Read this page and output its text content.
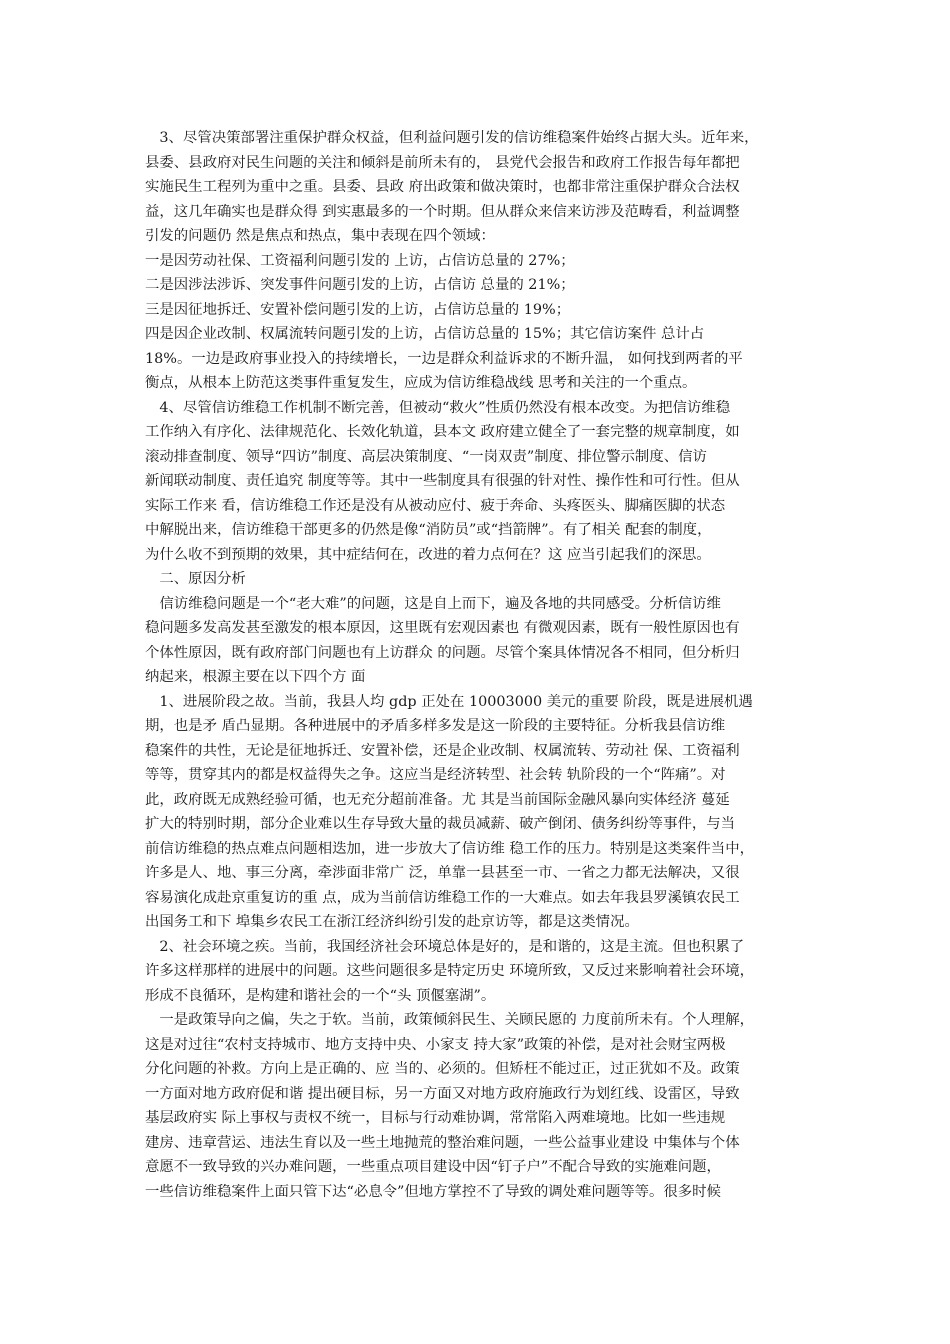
　3、尽管决策部署注重保护群众权益，但利益问题引发的信访维稳案件始终占据大头。近年来，
县委、县政府对民生问题的关注和倾斜是前所未有的， 县党代会报告和政府工作报告每年都把
实施民生工程列为重中之重。县委、县政 府出政策和做决策时，也都非常注重保护群众合法权
益，这几年确实也是群众得 到实惠最多的一个时期。但从群众来信来访涉及范畴看，利益调整
引发的问题仍 然是焦点和热点，集中表现在四个领域：
一是因劳动社保、工资福利问题引发的 上访，占信访总量的 27%；
二是因涉法涉诉、突发事件问题引发的上访，占信访 总量的 21%；
三是因征地拆迁、安置补偿问题引发的上访，占信访总量的 19%；
四是因企业改制、权属流转问题引发的上访，占信访总量的 15%；其它信访案件 总计占
18%。一边是政府事业投入的持续增长，一边是群众利益诉求的不断升温， 如何找到两者的平
衡点，从根本上防范这类事件重复发生，应成为信访维稳战线 思考和关注的一个重点。
　4、尽管信访维稳工作机制不断完善，但被动“救火”性质仍然没有根本改变。为把信访维稳
工作纳入有序化、法律规范化、长效化轨道，县本文 政府建立健全了一套完整的规章制度，如
滚动排查制度、领导“四访”制度、高层决策制度、“一岗双责”制度、排位警示制度、信访
新闻联动制度、责任追究 制度等等。其中一些制度具有很强的针对性、操作性和可行性。但从
实际工作来 看，信访维稳工作还是没有从被动应付、疲于奔命、头疼医头、脚痛医脚的状态
中解脱出来，信访维稳干部更多的仍然是像“消防员”或“挡箭牌”。有了相关 配套的制度，
为什么收不到预期的效果，其中症结何在，改进的着力点何在？这 应当引起我们的深思。
　二、原因分析
　信访维稳问题是一个“老大难”的问题，这是自上而下，遍及各地的共同感受。分析信访维
稳问题多发高发甚至激发的根本原因，这里既有宏观因素也 有微观因素，既有一般性原因也有
个体性原因，既有政府部门问题也有上访群众 的问题。尽管个案具体情况各不相同，但分析归
纳起来，根源主要在以下四个方 面
　1、进展阶段之故。当前，我县人均 gdp 正处在 10003000 美元的重要 阶段，既是进展机遇
期，也是矛 盾凸显期。各种进展中的矛盾多样多发是这一阶段的主要特征。分析我县信访维
稳案件的共性，无论是征地拆迁、安置补偿，还是企业改制、权属流转、劳动社 保、工资福利
等等，贯穿其内的都是权益得失之争。这应当是经济转型、社会转 轨阶段的一个“阵痛”。对
此，政府既无成熟经验可循，也无充分超前准备。尤 其是当前国际金融风暴向实体经济 蔓延
扩大的特别时期，部分企业难以生存导致大量的裁员减薪、破产倒闭、债务纠纷等事件，与当
前信访维稳的热点难点问题相迭加，进一步放大了信访维 稳工作的压力。特别是这类案件当中，
许多是人、地、事三分离，牵涉面非常广 泛，单靠一县甚至一市、一省之力都无法解决，又很
容易演化成赴京重复访的重 点，成为当前信访维稳工作的一大难点。如去年我县罗溪镇农民工
出国务工和下 埠集乡农民工在浙江经济纠纷引发的赴京访等，都是这类情况。
　2、社会环境之疾。当前，我国经济社会环境总体是好的，是和谐的，这是主流。但也积累了
许多这样那样的进展中的问题。这些问题很多是特定历史 环境所致，又反过来影响着社会环境，
形成不良循环，是构建和谐社会的一个“头 顶偃塞湖”。
　一是政策导向之偏，失之于软。当前，政策倾斜民生、关顾民愿的 力度前所未有。个人理解，
这是对过往“农村支持城市、地方支持中央、小家支 持大家”政策的补偿，是对社会财宝两极
分化问题的补救。方向上是正确的、应 当的、必须的。但矫枉不能过正，过正犹如不及。政策
一方面对地方政府促和谐 提出硬目标，另一方面又对地方政府施政行为划红线、设雷区，导致
基层政府实 际上事权与责权不统一，目标与行动难协调，常常陷入两难境地。比如一些违规
建房、违章营运、违法生育以及一些土地抛荒的整治难问题，一些公益事业建设 中集体与个体
意愿不一致导致的兴办难问题，一些重点项目建设中因“钉子户”不配合导致的实施难问题，
一些信访维稳案件上面只管下达“必息令”但地方掌控不了导致的调处难问题等等。很多时候
